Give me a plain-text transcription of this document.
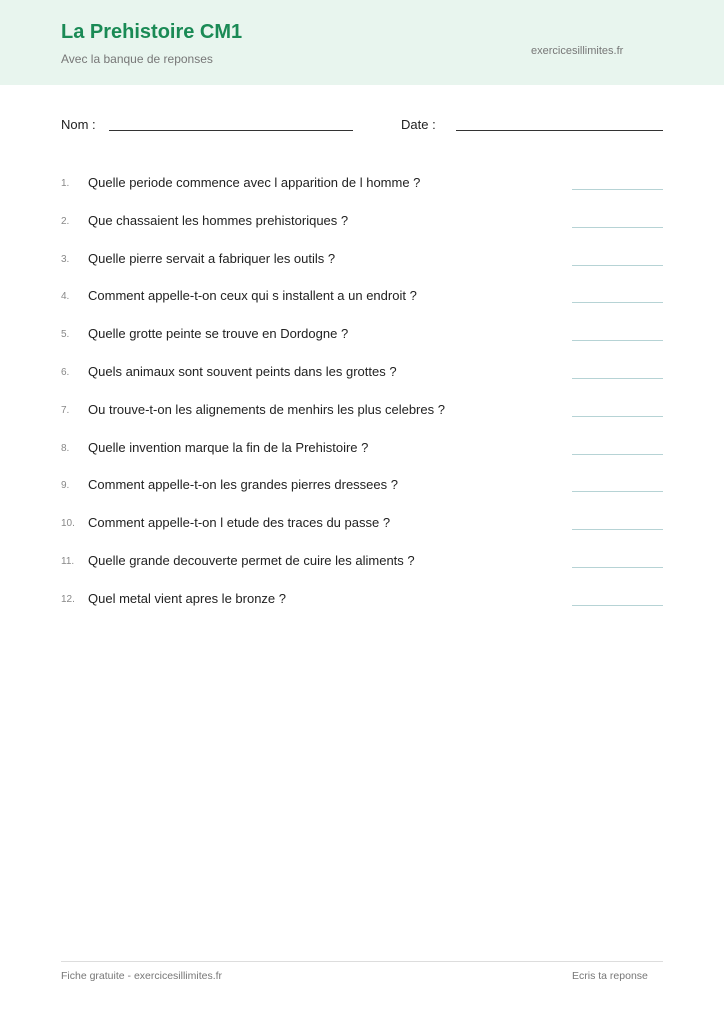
La Prehistoire CM1
Avec la banque de reponses
exercicesillimites.fr
Nom :	Date :
1.	Quelle periode commence avec l apparition de l homme ?
2.	Que chassaient les hommes prehistoriques ?
3.	Quelle pierre servait a fabriquer les outils ?
4.	Comment appelle-t-on ceux qui s installent a un endroit ?
5.	Quelle grotte peinte se trouve en Dordogne ?
6.	Quels animaux sont souvent peints dans les grottes ?
7.	Ou trouve-t-on les alignements de menhirs les plus celebres ?
8.	Quelle invention marque la fin de la Prehistoire ?
9.	Comment appelle-t-on les grandes pierres dressees ?
10.	Comment appelle-t-on l etude des traces du passe ?
11.	Quelle grande decouverte permet de cuire les aliments ?
12.	Quel metal vient apres le bronze ?
Fiche gratuite - exercicesillimites.fr	Ecris ta reponse
